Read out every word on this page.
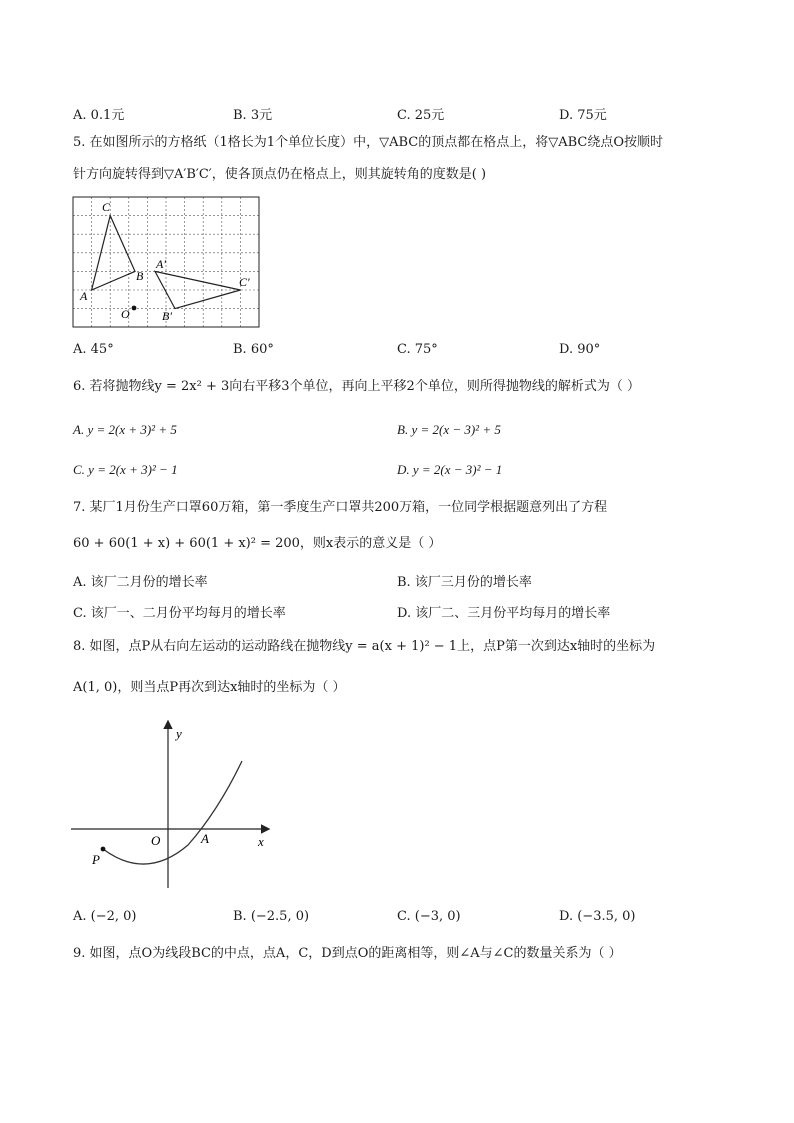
A. 0.1元	B. 3元	C. 25元	D. 75元
5. 在如图所示的方格纸（1格长为1个单位长度）中，▽ABC的顶点都在格点上，将▽ABC绕点O按顺时
针方向旋转得到▽A′B′C′，使各顶点仍在格点上，则其旋转角的度数是( )
C
B
A
O
A′
B′
C′
A. 45°	B. 60°	C. 75°	D. 90°
6. 若将抛物线y = 2x² + 3向右平移3个单位，再向上平移2个单位，则所得抛物线的解析式为（ ）
A. y = 2(x + 3)² + 5	B. y = 2(x − 3)² + 5
C. y = 2(x + 3)² − 1	D. y = 2(x − 3)² − 1
7. 某厂1月份生产口罩60万箱，第一季度生产口罩共200万箱，一位同学根据题意列出了方程
60 + 60(1 + x) + 60(1 + x)² = 200，则x表示的意义是（ ）
A. 该厂二月份的增长率	B. 该厂三月份的增长率
C. 该厂一、二月份平均每月的增长率	D. 该厂二、三月份平均每月的增长率
8. 如图，点P从右向左运动的运动路线在抛物线y = a(x + 1)² − 1上，点P第一次到达x轴时的坐标为
A(1, 0)，则当点P再次到达x轴时的坐标为（ ）
y
x
O	A
P
A. (−2, 0)	B. (−2.5, 0)	C. (−3, 0)	D. (−3.5, 0)
9. 如图，点O为线段BC的中点，点A，C，D到点O的距离相等，则∠A与∠C的数量关系为（ ）
